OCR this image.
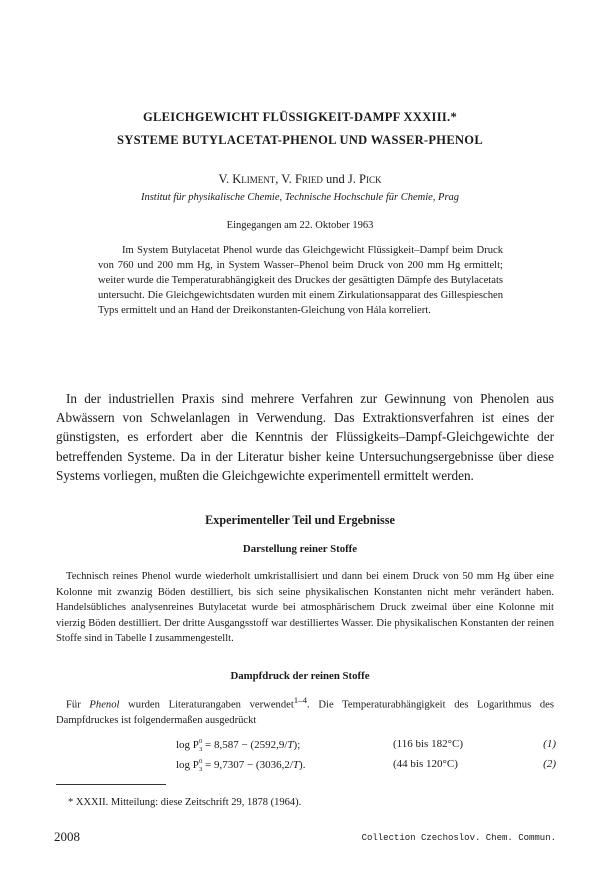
GLEICHGEWICHT FLÜSSIGKEIT-DAMPF XXXIII.*
SYSTEME BUTYLACETAT-PHENOL UND WASSER-PHENOL

V. Kliment, V. Fried und J. Pick

Institut für physikalische Chemie, Technische Hochschule für Chemie, Prag

Eingegangen am 22. Oktober 1963

Im System Butylacetat Phenol wurde das Gleichgewicht Flüssigkeit–Dampf beim Druck von 760 und 200 mm Hg, in System Wasser–Phenol beim Druck von 200 mm Hg ermittelt; weiter wurde die Temperaturabhängigkeit des Druckes der gesättigten Dämpfe des Butylacetats untersucht. Die Gleichgewichtsdaten wurden mit einem Zirkulationsapparat des Gillespieschen Typs ermittelt und an Hand der Dreikonstanten-Gleichung von Hála korreliert.

In der industriellen Praxis sind mehrere Verfahren zur Gewinnung von Phenolen aus Abwässern von Schwelanlagen in Verwendung. Das Extraktionsverfahren ist eines der günstigsten, es erfordert aber die Kenntnis der Flüssigkeits–Dampf-Gleichgewichte der betreffenden Systeme. Da in der Literatur bisher keine Untersuchungsergebnisse über diese Systems vorliegen, mußten die Gleichgewichte experimentell ermittelt werden.

Experimenteller Teil und Ergebnisse
Darstellung reiner Stoffe

Technisch reines Phenol wurde wiederholt umkristallisiert und dann bei einem Druck von 50 mm Hg über eine Kolonne mit zwanzig Böden destilliert, bis sich seine physikalischen Konstanten nicht mehr verändert haben. Handelsübliches analysenreines Butylacetat wurde bei atmosphärischem Druck zweimal über eine Kolonne mit vierzig Böden destilliert. Der dritte Ausgangsstoff war destilliertes Wasser. Die physikalischen Konstanten der reinen Stoffe sind in Tabelle I zusammengestellt.

Dampfdruck der reinen Stoffe

Für Phenol wurden Literaturangaben verwendet$^{1-4}$. Die Temperaturabhängigkeit des Logarithmus des Dampfdruckes ist folgendermaßen ausgedrückt

log P 0
3 = 8,587 − (2592,9/T);	(116 bis 182°C)	(1)
log P 0
3 = 9,7307 − (3036,2/T).	(44 bis 120°C)	(2)

* XXXII. Mitteilung: diese Zeitschrift 29, 1878 (1964).

2008	Collection Czechoslov. Chem. Commun.
